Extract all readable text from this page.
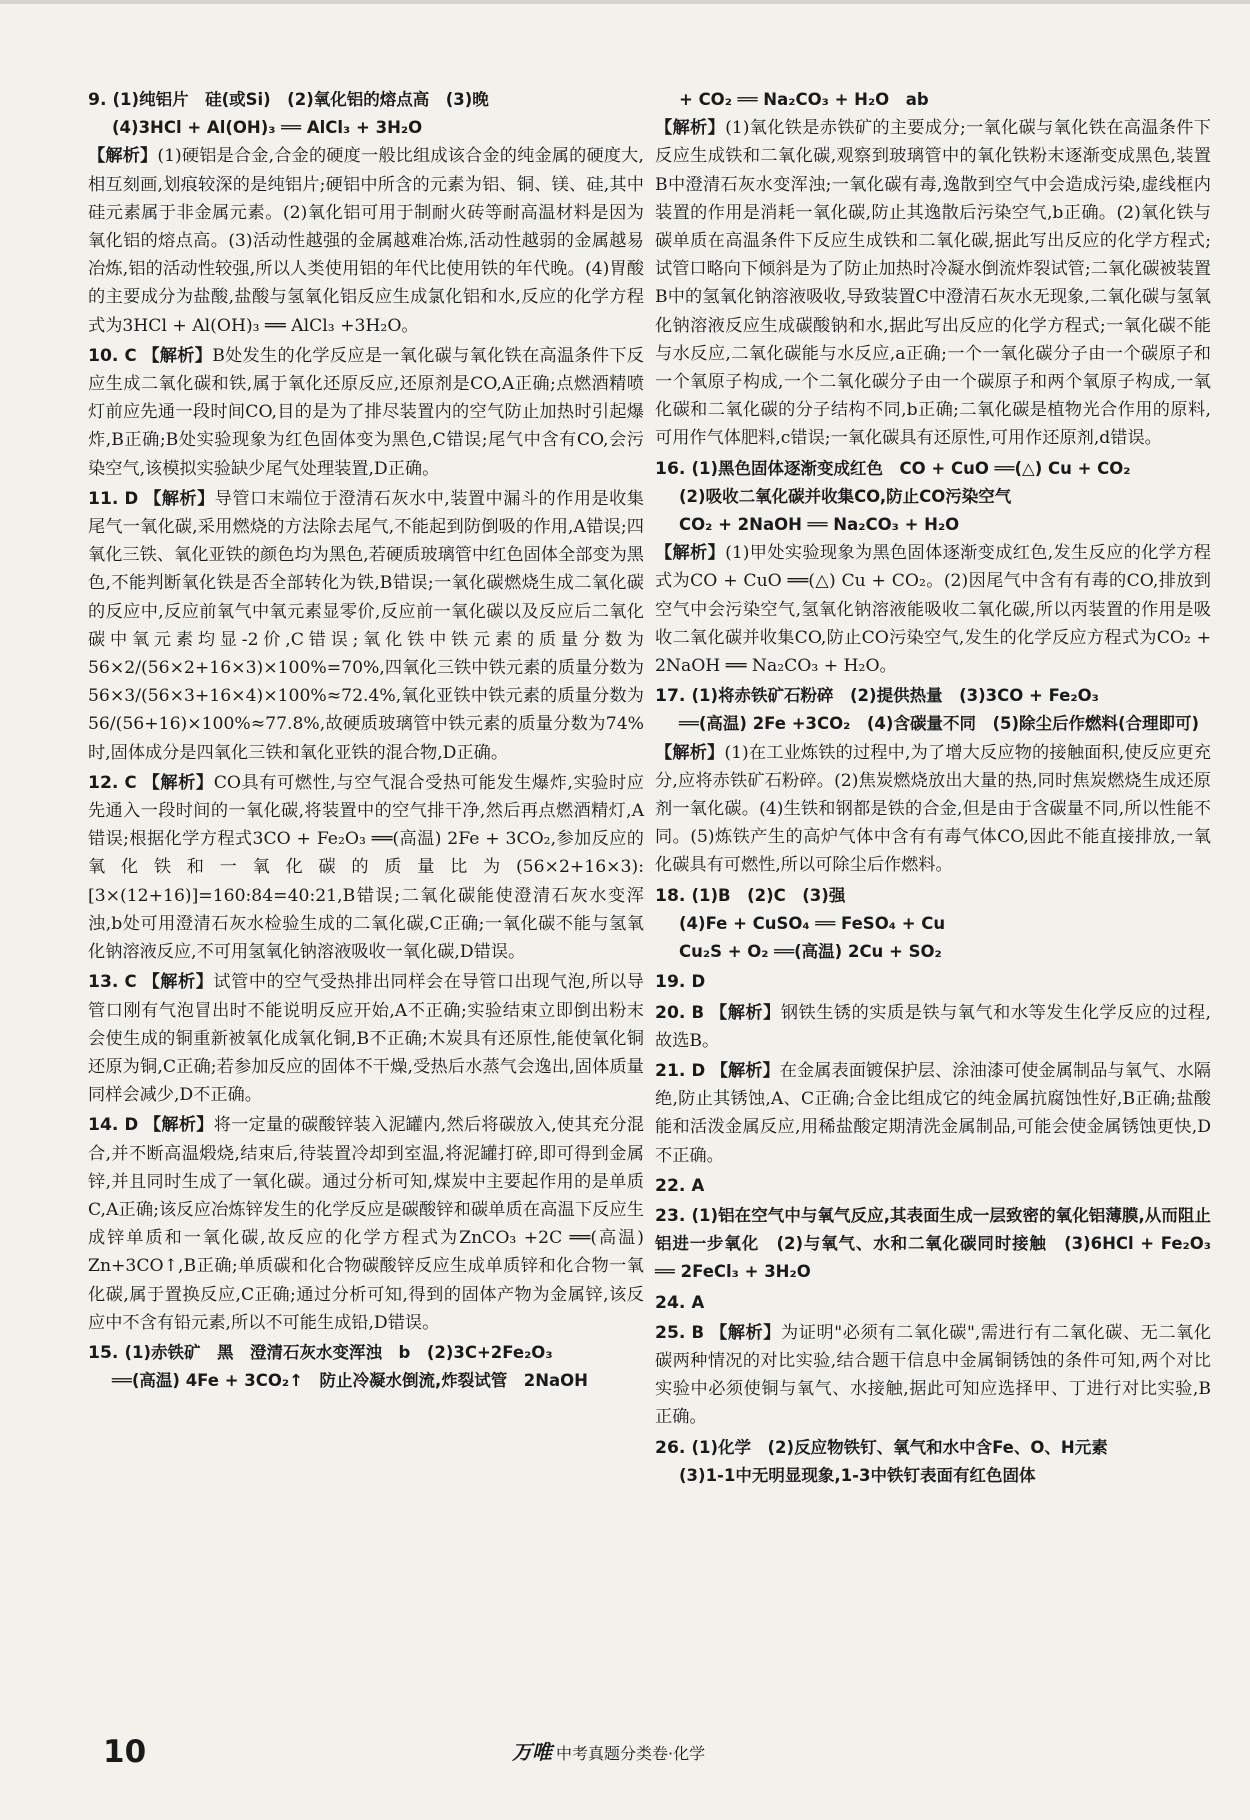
9. (1)纯铝片　硅(或Si)　(2)氧化铝的熔点高　(3)晚
(4)3HCl + Al(OH)₃ ══ AlCl₃ + 3H₂O
【解析】(1)硬铝是合金,合金的硬度一般比组成该合金的纯金属的硬度大,相互刻画,划痕较深的是纯铝片;硬铝中所含的元素为铝、铜、镁、硅,其中硅元素属于非金属元素。(2)氧化铝可用于制耐火砖等耐高温材料是因为氧化铝的熔点高。(3)活动性越强的金属越难冶炼,活动性越弱的金属越易冶炼,铝的活动性较强,所以人类使用铝的年代比使用铁的年代晚。(4)胃酸的主要成分为盐酸,盐酸与氢氧化铝反应生成氯化铝和水,反应的化学方程式为3HCl + Al(OH)₃ ══ AlCl₃ +3H₂O。
10. C 【解析】B处发生的化学反应是一氧化碳与氧化铁在高温条件下反应生成二氧化碳和铁,属于氧化还原反应,还原剂是CO,A正确;点燃酒精喷灯前应先通一段时间CO,目的是为了排尽装置内的空气防止加热时引起爆炸,B正确;B处实验现象为红色固体变为黑色,C错误;尾气中含有CO,会污染空气,该模拟实验缺少尾气处理装置,D正确。
11. D 【解析】导管口末端位于澄清石灰水中,装置中漏斗的作用是收集尾气一氧化碳,采用燃烧的方法除去尾气,不能起到防倒吸的作用,A错误;四氧化三铁、氧化亚铁的颜色均为黑色,若硬质玻璃管中红色固体全部变为黑色,不能判断氧化铁是否全部转化为铁,B错误;一氧化碳燃烧生成二氧化碳的反应中,反应前氧气中氧元素显零价,反应前一氧化碳以及反应后二氧化碳中氧元素均显-2价,C错误;氧化铁中铁元素的质量分数为56×2/(56×2+16×3)×100%=70%,四氧化三铁中铁元素的质量分数为56×3/(56×3+16×4)×100%≈72.4%,氧化亚铁中铁元素的质量分数为56/(56+16)×100%≈77.8%,故硬质玻璃管中铁元素的质量分数为74%时,固体成分是四氧化三铁和氧化亚铁的混合物,D正确。
12. C 【解析】CO具有可燃性,与空气混合受热可能发生爆炸,实验时应先通入一段时间的一氧化碳,将装置中的空气排干净,然后再点燃酒精灯,A错误;根据化学方程式3CO + Fe₂O₃ ══(高温) 2Fe + 3CO₂,参加反应的氧化铁和一氧化碳的质量比为(56×2+16×3):[3×(12+16)]=160:84=40:21,B错误;二氧化碳能使澄清石灰水变浑浊,b处可用澄清石灰水检验生成的二氧化碳,C正确;一氧化碳不能与氢氧化钠溶液反应,不可用氢氧化钠溶液吸收一氧化碳,D错误。
13. C 【解析】试管中的空气受热排出同样会在导管口出现气泡,所以导管口刚有气泡冒出时不能说明反应开始,A不正确;实验结束立即倒出粉末会使生成的铜重新被氧化成氧化铜,B不正确;木炭具有还原性,能使氧化铜还原为铜,C正确;若参加反应的固体不干燥,受热后水蒸气会逸出,固体质量同样会减少,D不正确。
14. D 【解析】将一定量的碳酸锌装入泥罐内,然后将碳放入,使其充分混合,并不断高温煅烧,结束后,待装置冷却到室温,将泥罐打碎,即可得到金属锌,并且同时生成了一氧化碳。通过分析可知,煤炭中主要起作用的是单质C,A正确;该反应冶炼锌发生的化学反应是碳酸锌和碳单质在高温下反应生成锌单质和一氧化碳,故反应的化学方程式为ZnCO₃ +2C ══(高温) Zn+3CO↑,B正确;单质碳和化合物碳酸锌反应生成单质锌和化合物一氧化碳,属于置换反应,C正确;通过分析可知,得到的固体产物为金属锌,该反应中不含有铅元素,所以不可能生成铅,D错误。
15. (1)赤铁矿　黑　澄清石灰水变浑浊　b　(2)3C+2Fe₂O₃
══(高温) 4Fe + 3CO₂↑　防止冷凝水倒流,炸裂试管　2NaOH
+ CO₂ ══ Na₂CO₃ + H₂O　ab
【解析】(1)氧化铁是赤铁矿的主要成分;一氧化碳与氧化铁在高温条件下反应生成铁和二氧化碳,观察到玻璃管中的氧化铁粉末逐渐变成黑色,装置B中澄清石灰水变浑浊;一氧化碳有毒,逸散到空气中会造成污染,虚线框内装置的作用是消耗一氧化碳,防止其逸散后污染空气,b正确。(2)氧化铁与碳单质在高温条件下反应生成铁和二氧化碳,据此写出反应的化学方程式;试管口略向下倾斜是为了防止加热时冷凝水倒流炸裂试管;二氧化碳被装置B中的氢氧化钠溶液吸收,导致装置C中澄清石灰水无现象,二氧化碳与氢氧化钠溶液反应生成碳酸钠和水,据此写出反应的化学方程式;一氧化碳不能与水反应,二氧化碳能与水反应,a正确;一个一氧化碳分子由一个碳原子和一个氧原子构成,一个二氧化碳分子由一个碳原子和两个氧原子构成,一氧化碳和二氧化碳的分子结构不同,b正确;二氧化碳是植物光合作用的原料,可用作气体肥料,c错误;一氧化碳具有还原性,可用作还原剂,d错误。
16. (1)黑色固体逐渐变成红色　CO + CuO ══(△) Cu + CO₂
(2)吸收二氧化碳并收集CO,防止CO污染空气
CO₂ + 2NaOH ══ Na₂CO₃ + H₂O
【解析】(1)甲处实验现象为黑色固体逐渐变成红色,发生反应的化学方程式为CO + CuO ══(△) Cu + CO₂。(2)因尾气中含有有毒的CO,排放到空气中会污染空气,氢氧化钠溶液能吸收二氧化碳,所以丙装置的作用是吸收二氧化碳并收集CO,防止CO污染空气,发生的化学反应方程式为CO₂ + 2NaOH ══ Na₂CO₃ + H₂O。
17. (1)将赤铁矿石粉碎　(2)提供热量　(3)3CO + Fe₂O₃
══(高温) 2Fe +3CO₂　(4)含碳量不同　(5)除尘后作燃料(合理即可)
【解析】(1)在工业炼铁的过程中,为了增大反应物的接触面积,使反应更充分,应将赤铁矿石粉碎。(2)焦炭燃烧放出大量的热,同时焦炭燃烧生成还原剂一氧化碳。(4)生铁和钢都是铁的合金,但是由于含碳量不同,所以性能不同。(5)炼铁产生的高炉气体中含有有毒气体CO,因此不能直接排放,一氧化碳具有可燃性,所以可除尘后作燃料。
18. (1)B　(2)C　(3)强
(4)Fe + CuSO₄ ══ FeSO₄ + Cu
Cu₂S + O₂ ══(高温) 2Cu + SO₂
19. D
20. B 【解析】钢铁生锈的实质是铁与氧气和水等发生化学反应的过程,故选B。
21. D 【解析】在金属表面镀保护层、涂油漆可使金属制品与氧气、水隔绝,防止其锈蚀,A、C正确;合金比组成它的纯金属抗腐蚀性好,B正确;盐酸能和活泼金属反应,用稀盐酸定期清洗金属制品,可能会使金属锈蚀更快,D不正确。
22. A
23. (1)铝在空气中与氧气反应,其表面生成一层致密的氧化铝薄膜,从而阻止铝进一步氧化　(2)与氧气、水和二氧化碳同时接触　(3)6HCl + Fe₂O₃ ══ 2FeCl₃ + 3H₂O
24. A
25. B 【解析】为证明"必须有二氧化碳",需进行有二氧化碳、无二氧化碳两种情况的对比实验,结合题干信息中金属铜锈蚀的条件可知,两个对比实验中必须使铜与氧气、水接触,据此可知应选择甲、丁进行对比实验,B正确。
26. (1)化学　(2)反应物铁钉、氧气和水中含Fe、O、H元素
(3)1-1中无明显现象,1-3中铁钉表面有红色固体
10	万唯 中考真题分类卷·化学
